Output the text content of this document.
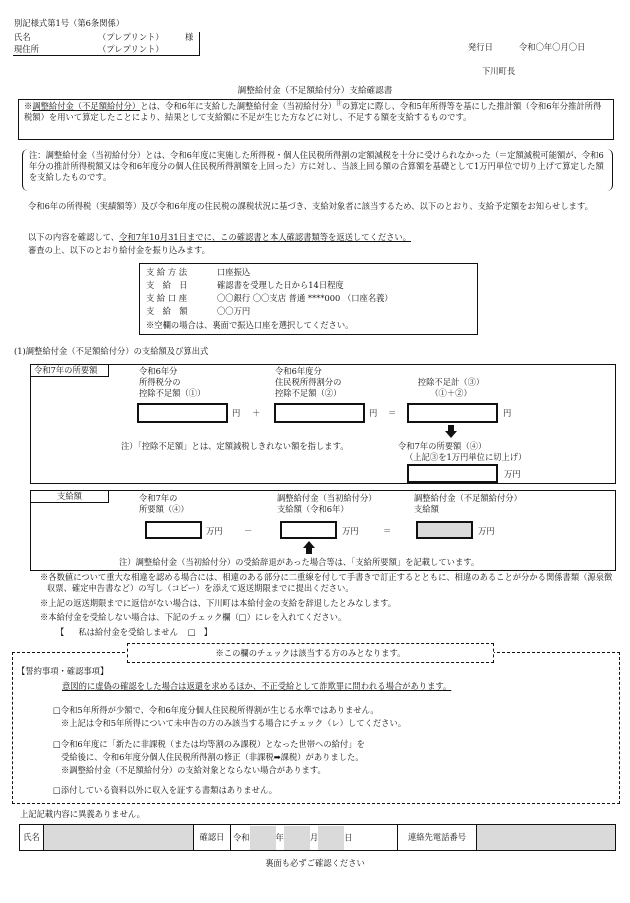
別記様式第1号（第6条関係）
氏名	（プレプリント）	様
現住所	（プレプリント）	発行日	令和〇年〇月〇日
下川町長
調整給付金（不足額給付分）支給確認書
※調整給付金（不足額給付分）とは、令和6年に支給した調整給付金（当初給付分）$^注$の算定に際し、令和5年所得等を基にした推計額（令和6年分推計所得税額）を用いて算定したことにより、結果として支給額に不足が生じた方などに対し、不足する額を支給するものです。
注：調整給付金（当初給付分）とは、令和6年度に実施した所得税・個人住民税所得割の定額減税を十分に受けられなかった（＝定額減税可能額が、令和6年分の推計所得税額又は令和6年度分の個人住民税所得割額を上回った）方に対し、当該上回る額の合算額を基礎として1万円単位で切り上げて算定した額を支給したものです。
令和6年の所得税（実績額等）及び令和6年度の住民税の課税状況に基づき、支給対象者に該当するため、以下のとおり、支給予定額をお知らせします。
以下の内容を確認して、令和7年10月31日までに、この確認書と本人確認書類等を返送してください。
審査の上、以下のとおり給付金を振り込みます。
支 給 方 法	口座振込
支　給　日	確認書を受理した日から14日程度
支 給 口 座	〇〇銀行 〇〇支店 普通 ****000 （口座名義）
支　給　額	〇〇万円
※空欄の場合は、裏面で振込口座を選択してください。
(1)調整給付金（不足額給付分）の支給額及び算出式
令和7年の所要額	令和6年分
所得税分の
控除不足額（①）
令和6年度分
住民税所得割分の
控除不足額（②）
控除不足計（③）
（①＋②）
円 ＋	円 ＝	円
注）「控除不足額」とは、定額減税しきれない額を指します。	令和7年の所要額（④）
（上記③を1万円単位に切上げ）
万円
支給額	令和7年の
所要額（④）
調整給付金（当初給付分）
支給額（令和6年）
調整給付金（不足額給付分）
支給額
万円	－	万円	＝	万円
注）調整給付金（当初給付分）の受給辞退があった場合等は、「支給所要額」を記載しています。
※各数値について重大な相違を認める場合には、相違のある部分に二重線を付して手書きで訂正するとともに、相違のあることが分かる関係書類（源泉徴収票、確定申告書など）の写し（コピー）を添えて返送期限までに提出ください。
※上記の返送期限までに返信がない場合は、下川町は本給付金の支給を辞退したとみなします。
※本給付金を受給しない場合は、下記のチェック欄（□）にレを入れてください。
【 私は給付金を受給しません □ 】
※この欄のチェックは該当する方のみとなります。
【誓約事項・確認事項】
意図的に虚偽の確認をした場合は返還を求めるほか、不正受給として詐欺罪に問われる場合があります。
□令和5年所得が少額で、令和6年度分個人住民税所得割が生じる水準ではありません。
※上記は令和5年所得について未申告の方のみ該当する場合にチェック（レ）してください。
□令和6年度に「新たに非課税（または均等割のみ課税）となった世帯への給付」を
受給後に、令和6年度分個人住民税所得割の修正（非課税➡課税）がありました。
※調整給付金（不足額給付分）の支給対象とならない場合があります。
□添付している資料以外に収入を証する書類はありません。
上記記載内容に異義ありません。
氏名		確認日	令和	年	月	日	連絡先電話番号	
裏面も必ずご確認ください
